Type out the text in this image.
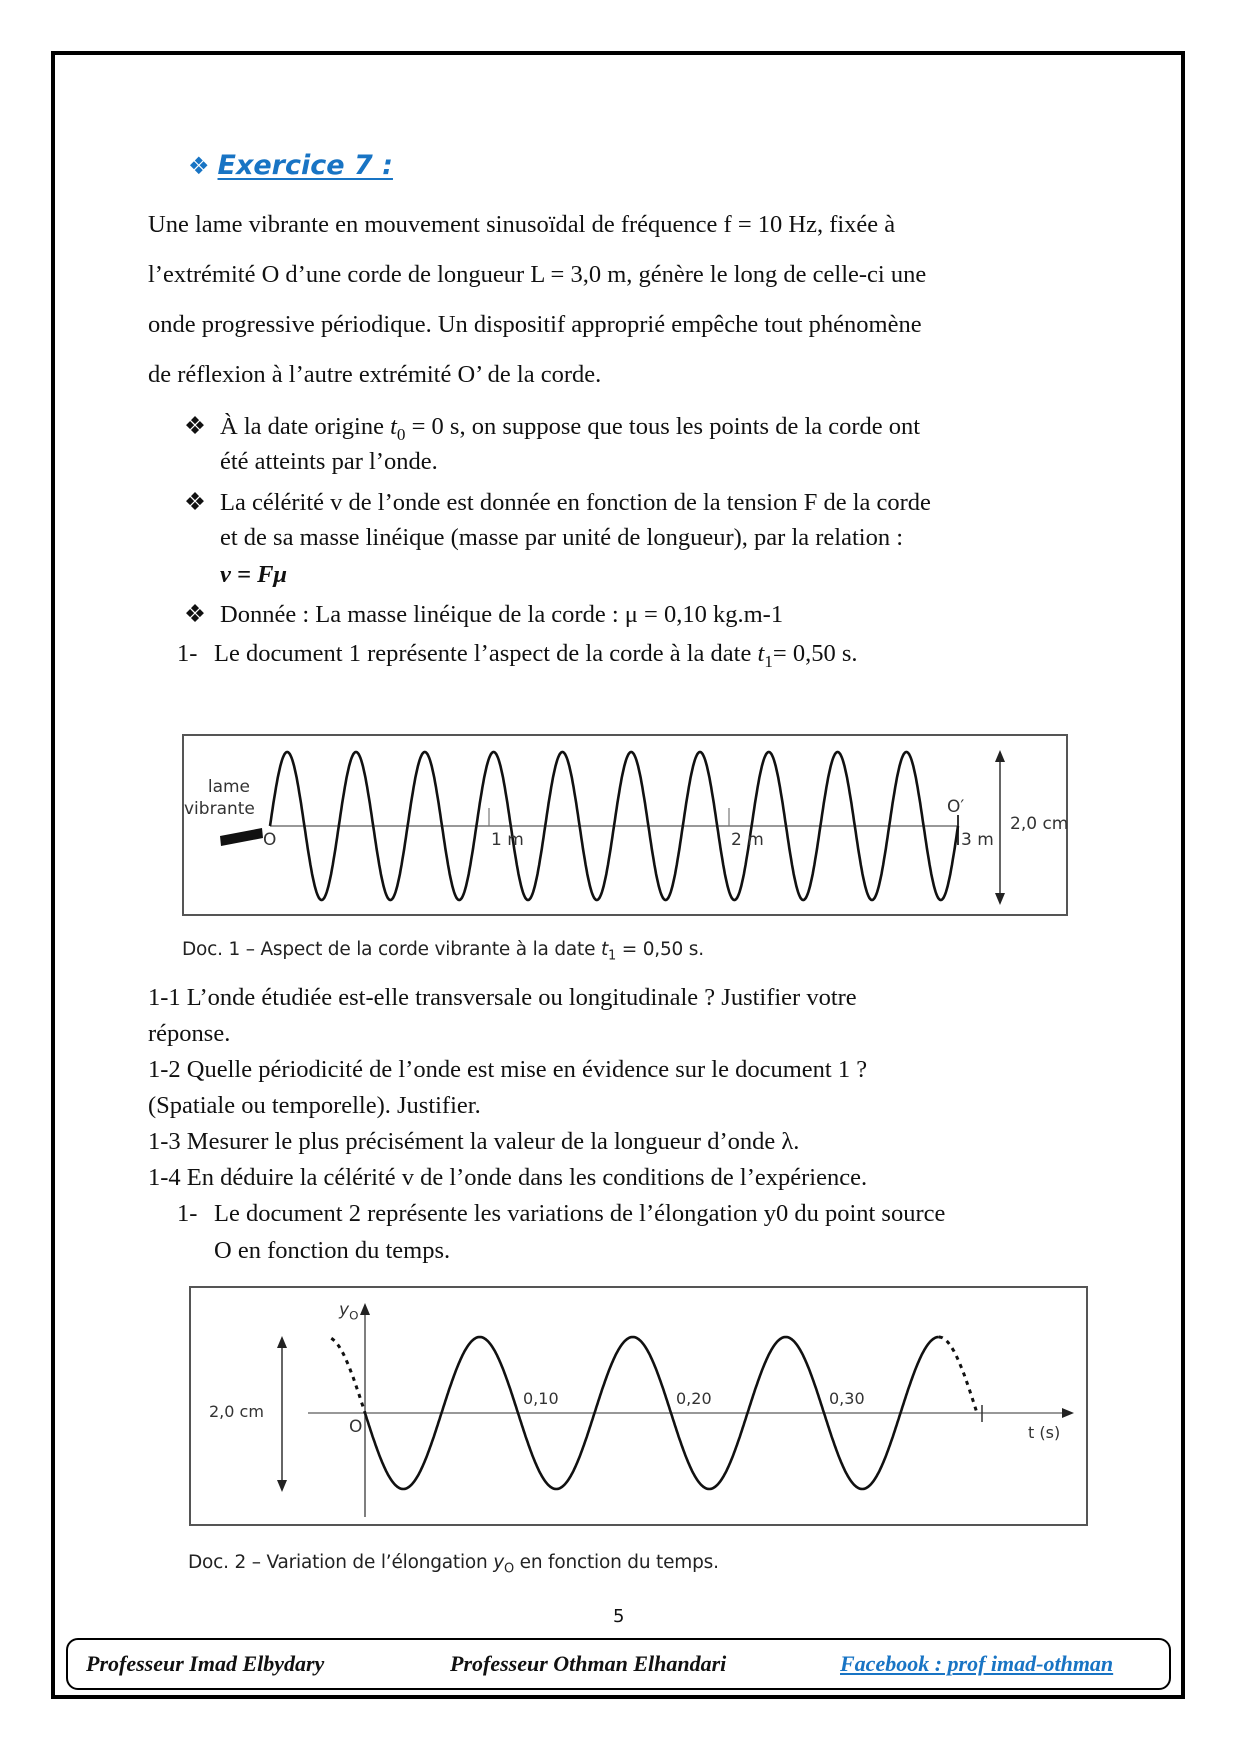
❖ Exercice 7 :
Une lame vibrante en mouvement sinusoïdal de fréquence f = 10 Hz, fixée à
l’extrémité O d’une corde de longueur L = 3,0 m, génère le long de celle-ci une
onde progressive périodique. Un dispositif approprié empêche tout phénomène
de réflexion à l’autre extrémité O’ de la corde.
❖ À la date origine $t_0 = 0$ s, on suppose que tous les points de la corde ont
été atteints par l’onde.
❖ La célérité v de l’onde est donnée en fonction de la tension F de la corde
et de sa masse linéique (masse par unité de longueur), par la relation :
v = Fμ
❖ Donnée : La masse linéique de la corde : μ = 0,10 kg.m-1
1- Le document 1 représente l’aspect de la corde à la date $t_1= 0,50$ s.
lame
vibrante
O	1 m	2 m	3 m
O′
2,0 cm
Doc. 1 – Aspect de la corde vibrante à la date $t_1 = 0,50$ s.
1-1 L’onde étudiée est-elle transversale ou longitudinale ? Justifier votre
réponse.
1-2 Quelle périodicité de l’onde est mise en évidence sur le document 1 ?
(Spatiale ou temporelle). Justifier.
1-3 Mesurer le plus précisément la valeur de la longueur d’onde λ.
1-4 En déduire la célérité v de l’onde dans les conditions de l’expérience.
1- Le document 2 représente les variations de l’élongation y0 du point source
O en fonction du temps.
$y_O$
O
0,10	0,20	0,30
t (s)
2,0 cm
Doc. 2 – Variation de l’élongation $y_O$ en fonction du temps.
5
Professeur Imad Elbydary	Professeur Othman Elhandari	Facebook : prof imad-othman
